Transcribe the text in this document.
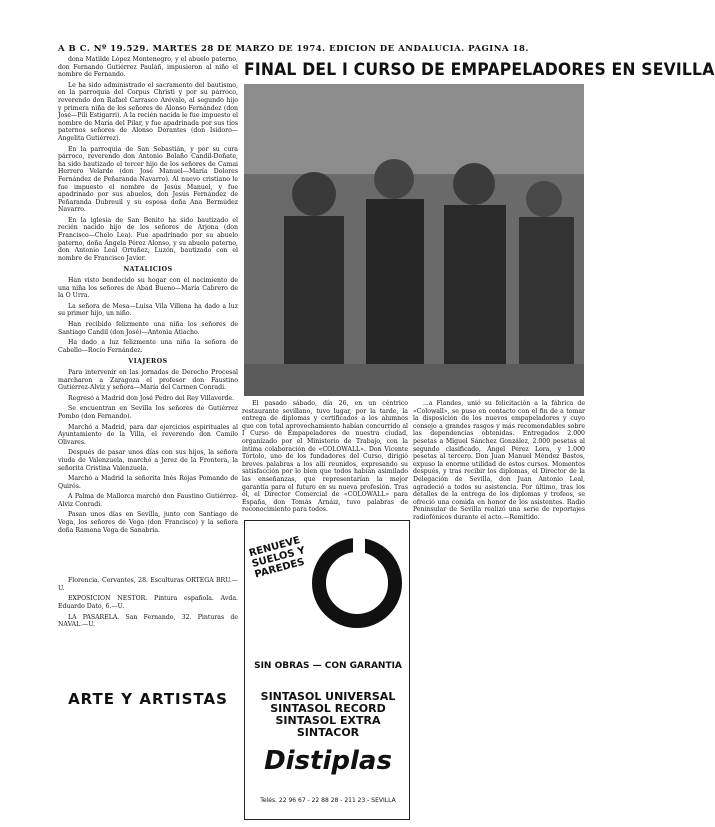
A B C. Nº 19.529. MARTES 28 DE MARZO DE 1974. EDICION DE ANDALUCIA. PAGINA 18.

dona Matilde López Montenegro, y el abuelo paterno, don Fernando Gutiérrez Pauláñ, impusieron al niño el nombre de Fernando.

Le ha sido administrado el sacramento del bautismo, en la parroquia del Corpus Christi y por su párroco, reverendo don Rafael Carrasco Arévalo, al segundo hijo y primera niña de los señores de Alonso Fernández (don José—Pili Estigarri). A la recién nacida le fue impuesto el nombre de María del Pilar, y fue apadrinada por sus tíos paternos señores de Alonso Dorantes (don Isidoro—Angelita Gutiérrez).

En la parroquia de San Sebastián, y por su cura párroco, reverendo don Antonio Bolaño Candil-Doñate, ha sido bautizado el tercer hijo de los señores de Camai Herrero Velarde (don José Manuel—María Dolores Fernández de Peñaranda Navarro). Al nuevo cristiano le fue impuesto el nombre de Jesús Manuel, y fue apadrinado por sus abuelos, don Jesús Fernández de Peñaranda Dubreuil y su esposa doña Ana Bermúdez Navarro.

En la iglesia de San Benito ha sido bautizado el recién nacido hijo de los señores de Arjona (don Francisco—Chelo Lea). Fue apadrinado por su abuelo paterno, doña Ángela Pérez Alonso, y su abuelo paterno, don Antonio Leal Ortuñez, Luzón, bautizado con el nombre de Francisco Javier.

NATALICIOS

Han visto bendecido su hogar con el nacimiento de una niña los señores de Abad Bueno—María Cabrero de la O Urra.

La señora de Mesa—Luisa Vila Villena ha dado a luz su primer hijo, un niño.

Han recibido felizmente una niña los señores de Santiago Candil (don José)—Antonia Atiacho.

Ha dado a luz felizmente una niña la señora de Cabello—Rocío Fernández.

VIAJEROS

Para intervenir en las jornadas de Derecho Procesal marcharon a Zaragoza el profesor don Faustino Gutiérrez-Alviz y señora—María del Carmen Conradi.

Regresó a Madrid don José Pedro del Rey Villaverde.

Se encuentran en Sevilla los señores de Gutiérrez Pombo (don Fernando).

Marchó a Madrid, para dar ejercicios espirituales al Ayuntamiento de la Villa, el reverendo don Camilo Olivares.

Después de pasar unos días con sus hijos, la señora viuda de Valenzuela, marchó a Jerez de la Frontera, la señorita Cristina Valenzuela.

Marchó a Madrid la señorita Inés Rojas Pomando de Quirós.

A Palma de Mallorca marchó don Faustino Gutiérrez-Alviz Conradi.

Pasan unos días en Sevilla, junto con Santiago de Vega, los señores de Vega (don Francisco) y la señora doña Ramona Vega de Sanabria.

Florencia. Cervantes, 28. Esculturas ORTEGA BRU.—U.

EXPOSICION NESTOR. Pintura española. Avda. Eduardo Dato, 6.—U.

LA PASARELA. San Fernando, 32. Pinturas de NAVAL.—U.

ARTE Y ARTISTAS
FINAL DEL I CURSO DE EMPAPELADORES EN SEVILLA

El pasado sábado, día 26, en un céntrico restaurante sevillano, tuvo lugar, por la tarde, la entrega de diplomas y certificados a los alumnos que con total aprovechamiento habían concurrido al I Curso de Empapeladores de nuestra ciudad, organizado por el Ministerio de Trabajo, con la íntima colaboración de «COLOWALL». Don Vicente Tórtolo, uno de los fundadores del Curso, dirigió breves palabras a los allí reunidos, expresando su satisfacción por lo bien que todos habían asimilado las enseñanzas, que representarían la mejor garantía para el futuro en su nueva profesión. Tras él, el Director Comercial de «COLOWALL» para España, don Tomás Arnáiz, tuvo palabras de reconocimiento para todos.

...a Flandes, unió su felicitación a la fábrica de «Colowall», se puso en contacto con el fin de a tomar la disposición de los nuevos empapeladores y cuyo consejo a grandes rasgos y más recomendables sobre las dependencias obtenidas. Entregados 2.000 pesetas a Miguel Sánchez González, 2.000 pesetas al segundo clasificado, Ángel Pérez Lora, y 1.000 pesetas al tercero. Don Juan Manuel Méndez Bastos, expuso la enorme utilidad de estos cursos. Momentos después, y tras recibir los diplomas, el Director de la Delegación de Sevilla, don Juan Antonio Leal, agradeció a todos su asistencia. Por último, tras los detalles de la entrega de los diplomas y trofeos, se ofreció una comida en honor de los asistentes. Radio Peninsular de Sevilla realizó una serie de reportajes radiofónicos durante el acto.—Remitido.

RENUEVE SUELOS Y PAREDES
SIN OBRAS — CON GARANTIA
SINTASOL UNIVERSAL
SINTASOL RECORD
SINTASOL EXTRA
SINTACOR
Distiplas
Telés. 22 96 67 - 22 88 28 - 211 23 - SEVILLA
